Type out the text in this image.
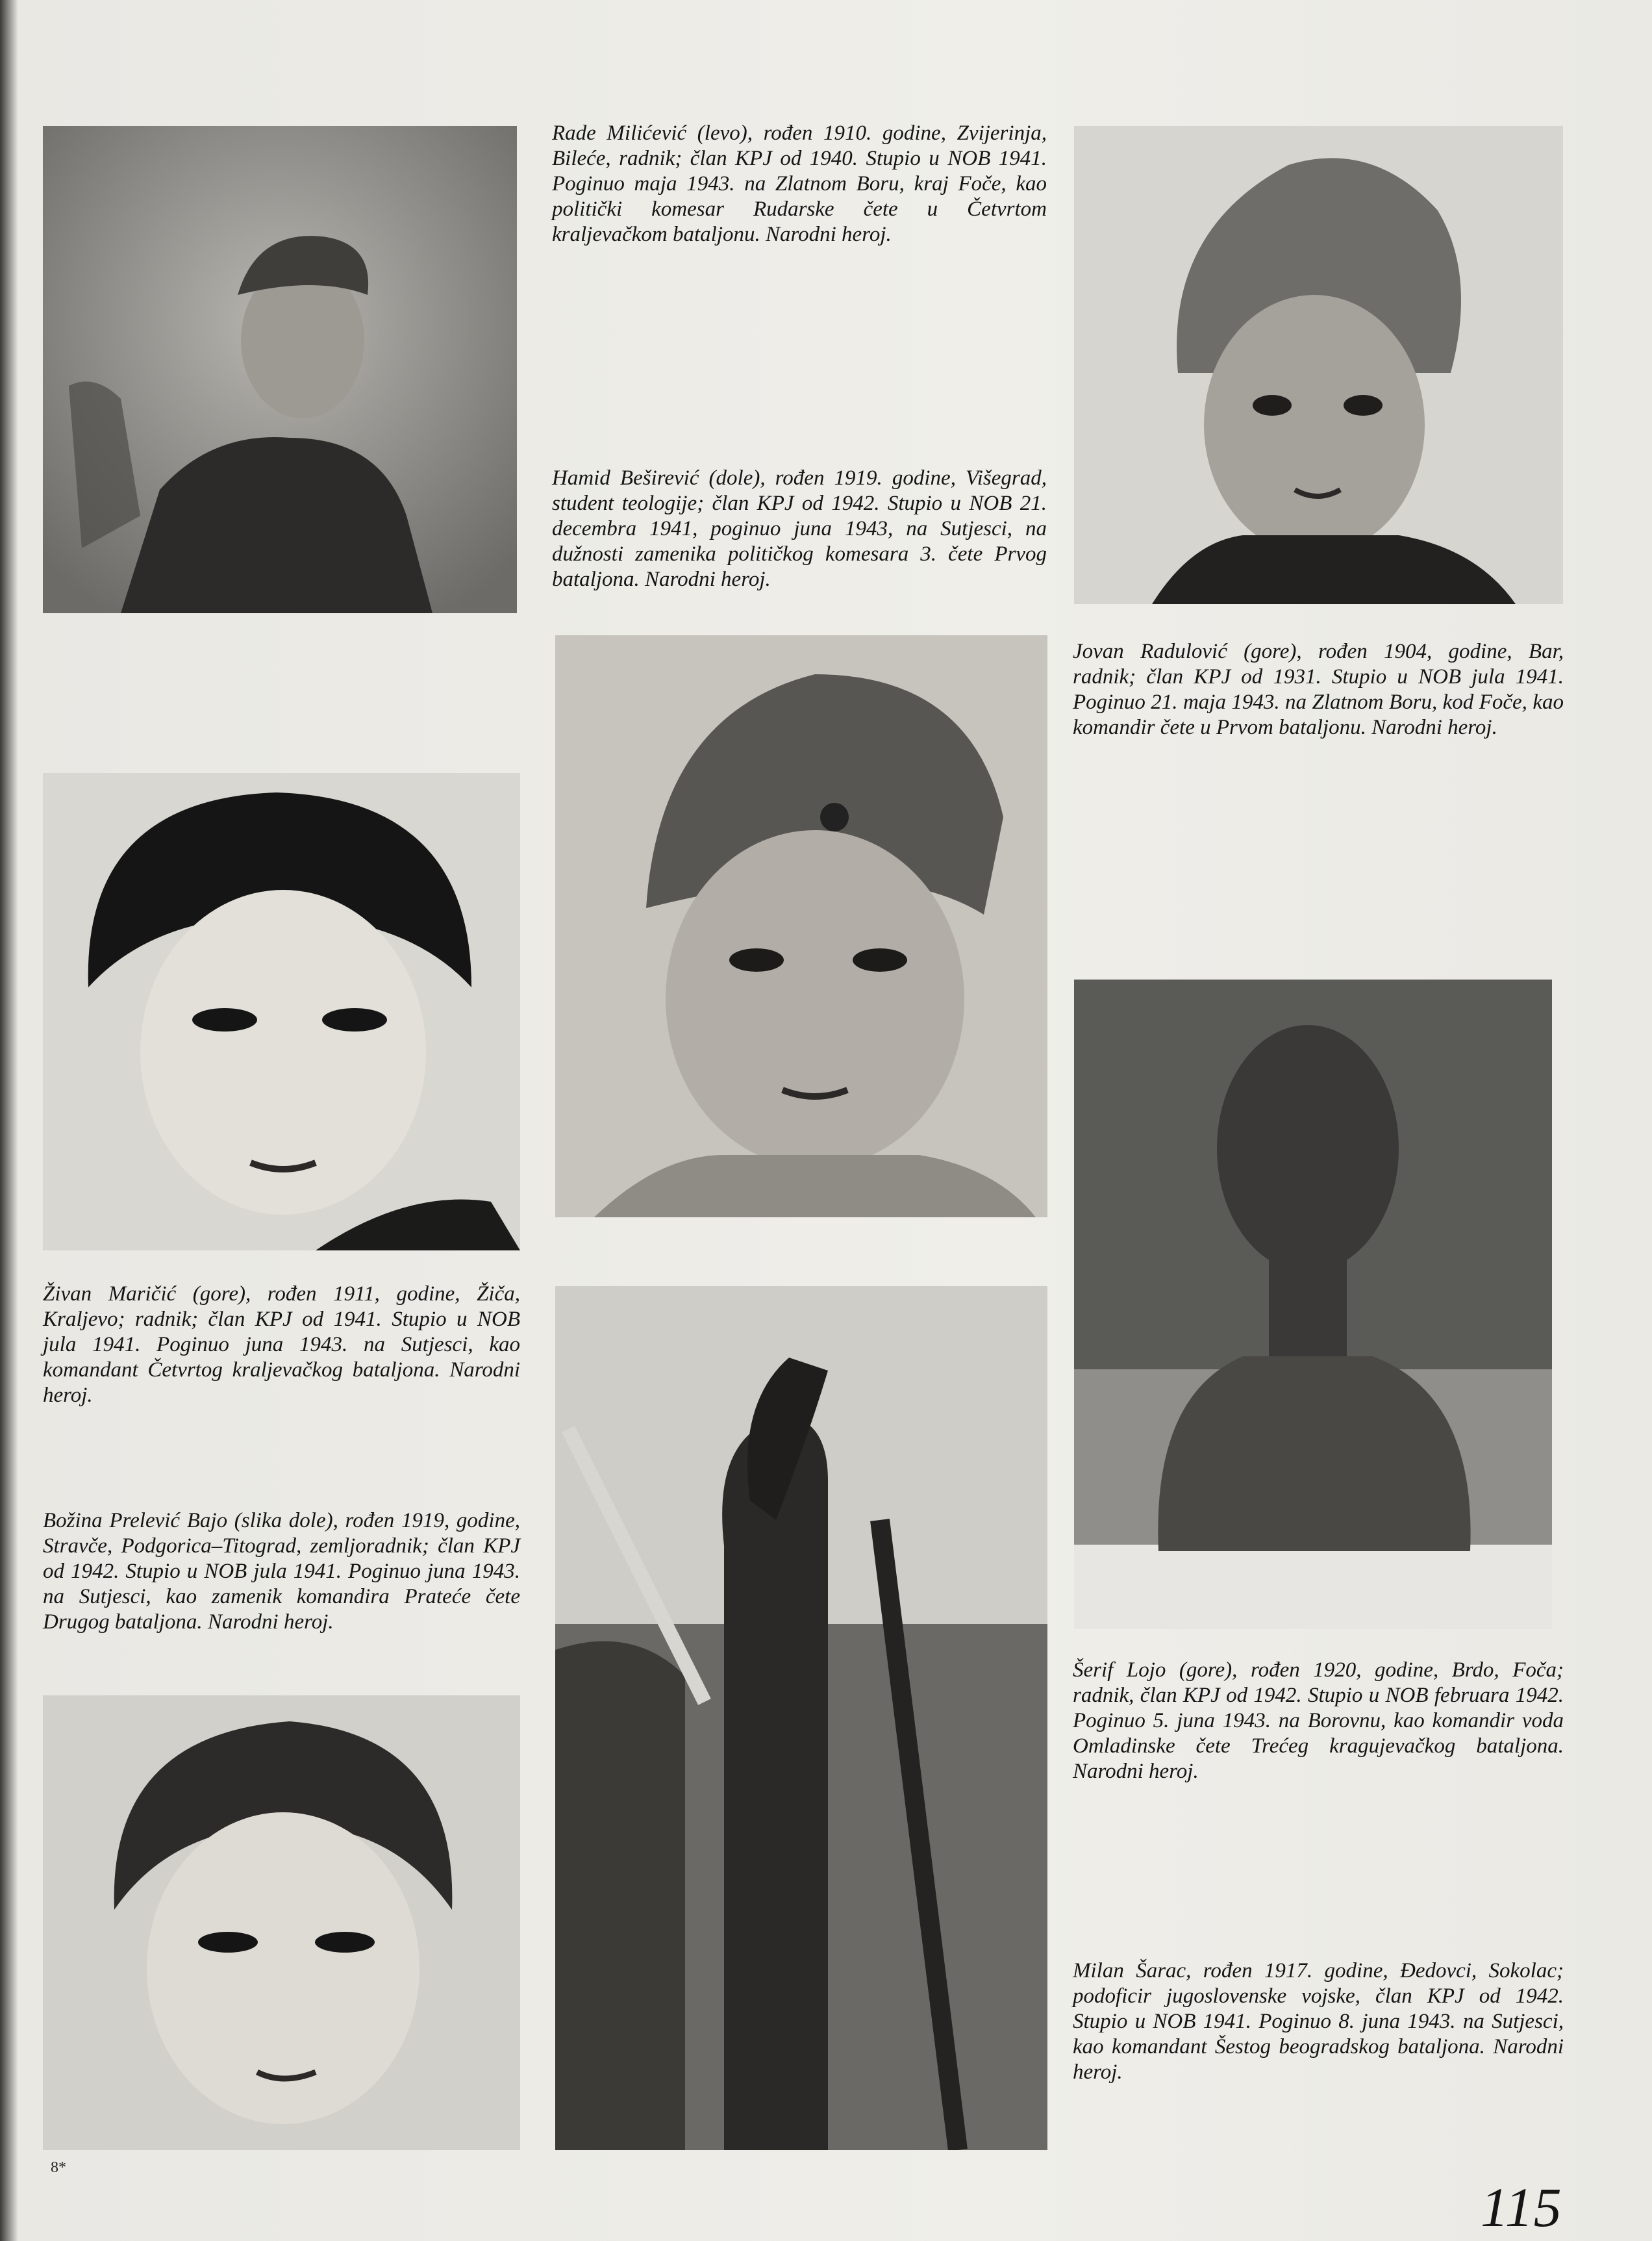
Rade Milićević (levo), rođen 1910. godine, Zvijerinja, Bileće, radnik; član KPJ od 1940. Stupio u NOB 1941. Poginuo maja 1943. na Zlatnom Boru, kraj Foče, kao politički komesar Rudarske čete u Četvrtom kraljevačkom bataljonu. Narodni heroj.
Hamid Beširević (dole), rođen 1919. godine, Višegrad, student teologije; član KPJ od 1942. Stupio u NOB 21. decembra 1941, poginuo juna 1943, na Sutjesci, na dužnosti zamenika političkog komesara 3. čete Prvog bataljona. Narodni heroj.
Jovan Radulović (gore), rođen 1904, godine, Bar, radnik; član KPJ od 1931. Stupio u NOB jula 1941. Poginuo 21. maja 1943. na Zlatnom Boru, kod Foče, kao komandir čete u Prvom bataljonu. Narodni heroj.
Živan Maričić (gore), rođen 1911, godine, Žiča, Kraljevo; radnik; član KPJ od 1941. Stupio u NOB jula 1941. Poginuo juna 1943. na Sutjesci, kao komandant Četvrtog kraljevačkog bataljona. Narodni heroj.
Božina Prelević Bajo (slika dole), rođen 1919, godine, Stravče, Podgorica–Titograd, zemljoradnik; član KPJ od 1942. Stupio u NOB jula 1941. Poginuo juna 1943. na Sutjesci, kao zamenik komandira Prateće čete Drugog bataljona. Narodni heroj.
Šerif Lojo (gore), rođen 1920, godine, Brdo, Foča; radnik, član KPJ od 1942. Stupio u NOB februara 1942. Poginuo 5. juna 1943. na Borovnu, kao komandir voda Omladinske čete Trećeg kragujevačkog bataljona. Narodni heroj.
Milan Šarac, rođen 1917. godine, Đedovci, Sokolac; podoficir jugoslovenske vojske, član KPJ od 1942. Stupio u NOB 1941. Poginuo 8. juna 1943. na Sutjesci, kao komandant Šestog beogradskog bataljona. Narodni heroj.
8*
115
